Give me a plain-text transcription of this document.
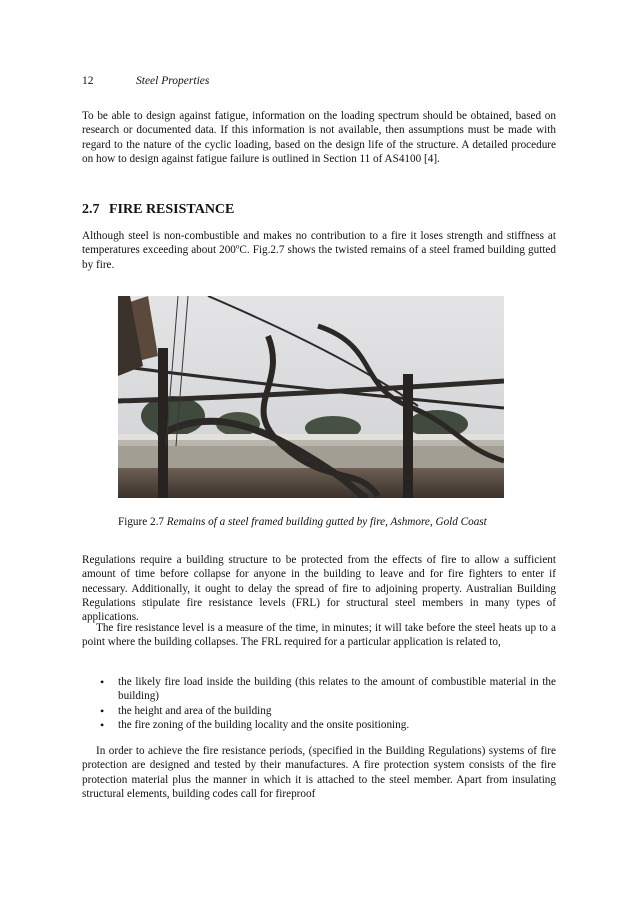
12	Steel Properties

To be able to design against fatigue, information on the loading spectrum should be obtained, based on research or documented data. If this information is not available, then assumptions must be made with regard to the nature of the cyclic loading, based on the design life of the structure. A detailed procedure on how to design against fatigue failure is outlined in Section 11 of AS4100 [4].

2.7 FIRE RESISTANCE

Although steel is non-combustible and makes no contribution to a fire it loses strength and stiffness at temperatures exceeding about 200$^o$C. Fig.2.7 shows the twisted remains of a steel framed building gutted by fire.

Figure 2.7 Remains of a steel framed building gutted by fire, Ashmore, Gold Coast

Regulations require a building structure to be protected from the effects of fire to allow a sufficient amount of time before collapse for anyone in the building to leave and for fire fighters to enter if necessary. Additionally, it ought to delay the spread of fire to adjoining property. Australian Building Regulations stipulate fire resistance levels (FRL) for structural steel members in many types of applications.

The fire resistance level is a measure of the time, in minutes; it will take before the steel heats up to a point where the building collapses. The FRL required for a particular application is related to,

• the likely fire load inside the building (this relates to the amount of combustible material in the building)
• the height and area of the building
• the fire zoning of the building locality and the onsite positioning.

In order to achieve the fire resistance periods, (specified in the Building Regulations) systems of fire protection are designed and tested by their manufactures. A fire protection system consists of the fire protection material plus the manner in which it is attached to the steel member. Apart from insulating structural elements, building codes call for fireproof
